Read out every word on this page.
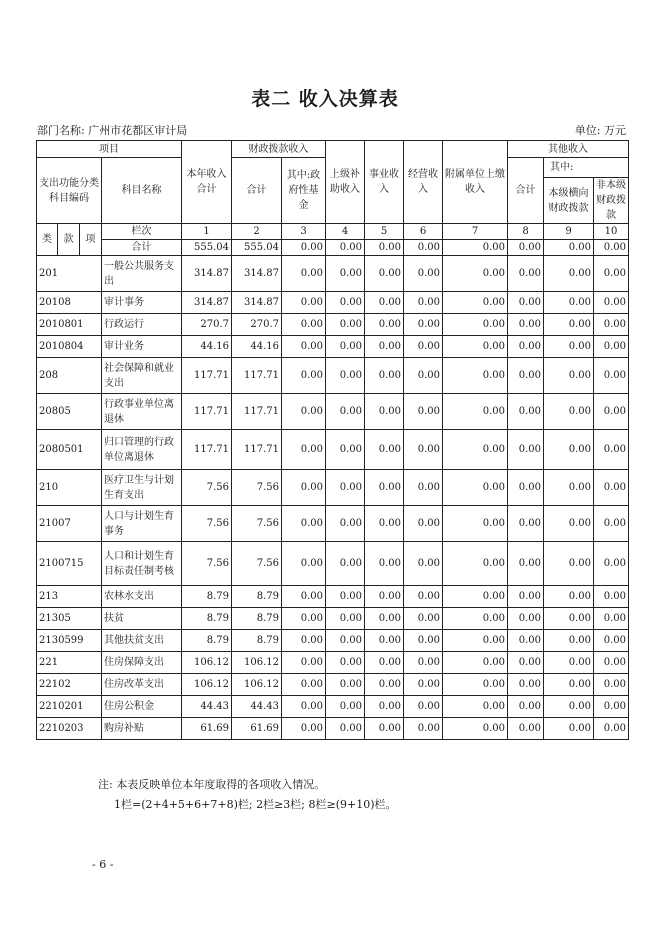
表二 收入决算表
部门名称: 广州市花都区审计局	单位: 万元
项目				本年收入合计	财政拨款收入		上级补助收入	事业收入	经营收入	附属单位上缴收入	其他收入		
支出功能分类科目编码			科目名称		合计	其中:政府性基金					合计	其中:	
												本级横向财政拨款	非本级财政拨款
类	款	项	栏次	1	2	3	4	5	6	7	8	9	10
			合计	555.04	555.04	0.00	0.00	0.00	0.00	0.00	0.00	0.00	0.00
201			一般公共服务支出	314.87	314.87	0.00	0.00	0.00	0.00	0.00	0.00	0.00	0.00
20108			审计事务	314.87	314.87	0.00	0.00	0.00	0.00	0.00	0.00	0.00	0.00
2010801			行政运行	270.7	270.7	0.00	0.00	0.00	0.00	0.00	0.00	0.00	0.00
2010804			审计业务	44.16	44.16	0.00	0.00	0.00	0.00	0.00	0.00	0.00	0.00
208			社会保障和就业支出	117.71	117.71	0.00	0.00	0.00	0.00	0.00	0.00	0.00	0.00
20805			行政事业单位离退休	117.71	117.71	0.00	0.00	0.00	0.00	0.00	0.00	0.00	0.00
2080501			归口管理的行政单位离退休	117.71	117.71	0.00	0.00	0.00	0.00	0.00	0.00	0.00	0.00
210			医疗卫生与计划生育支出	7.56	7.56	0.00	0.00	0.00	0.00	0.00	0.00	0.00	0.00
21007			人口与计划生育事务	7.56	7.56	0.00	0.00	0.00	0.00	0.00	0.00	0.00	0.00
2100715			人口和计划生育目标责任制考核	7.56	7.56	0.00	0.00	0.00	0.00	0.00	0.00	0.00	0.00
213			农林水支出	8.79	8.79	0.00	0.00	0.00	0.00	0.00	0.00	0.00	0.00
21305			扶贫	8.79	8.79	0.00	0.00	0.00	0.00	0.00	0.00	0.00	0.00
2130599			其他扶贫支出	8.79	8.79	0.00	0.00	0.00	0.00	0.00	0.00	0.00	0.00
221			住房保障支出	106.12	106.12	0.00	0.00	0.00	0.00	0.00	0.00	0.00	0.00
22102			住房改革支出	106.12	106.12	0.00	0.00	0.00	0.00	0.00	0.00	0.00	0.00
2210201			住房公积金	44.43	44.43	0.00	0.00	0.00	0.00	0.00	0.00	0.00	0.00
2210203			购房补贴	61.69	61.69	0.00	0.00	0.00	0.00	0.00	0.00	0.00	0.00
注: 本表反映单位本年度取得的各项收入情况。
1栏=(2+4+5+6+7+8)栏; 2栏≥3栏; 8栏≥(9+10)栏。
- 6 -
